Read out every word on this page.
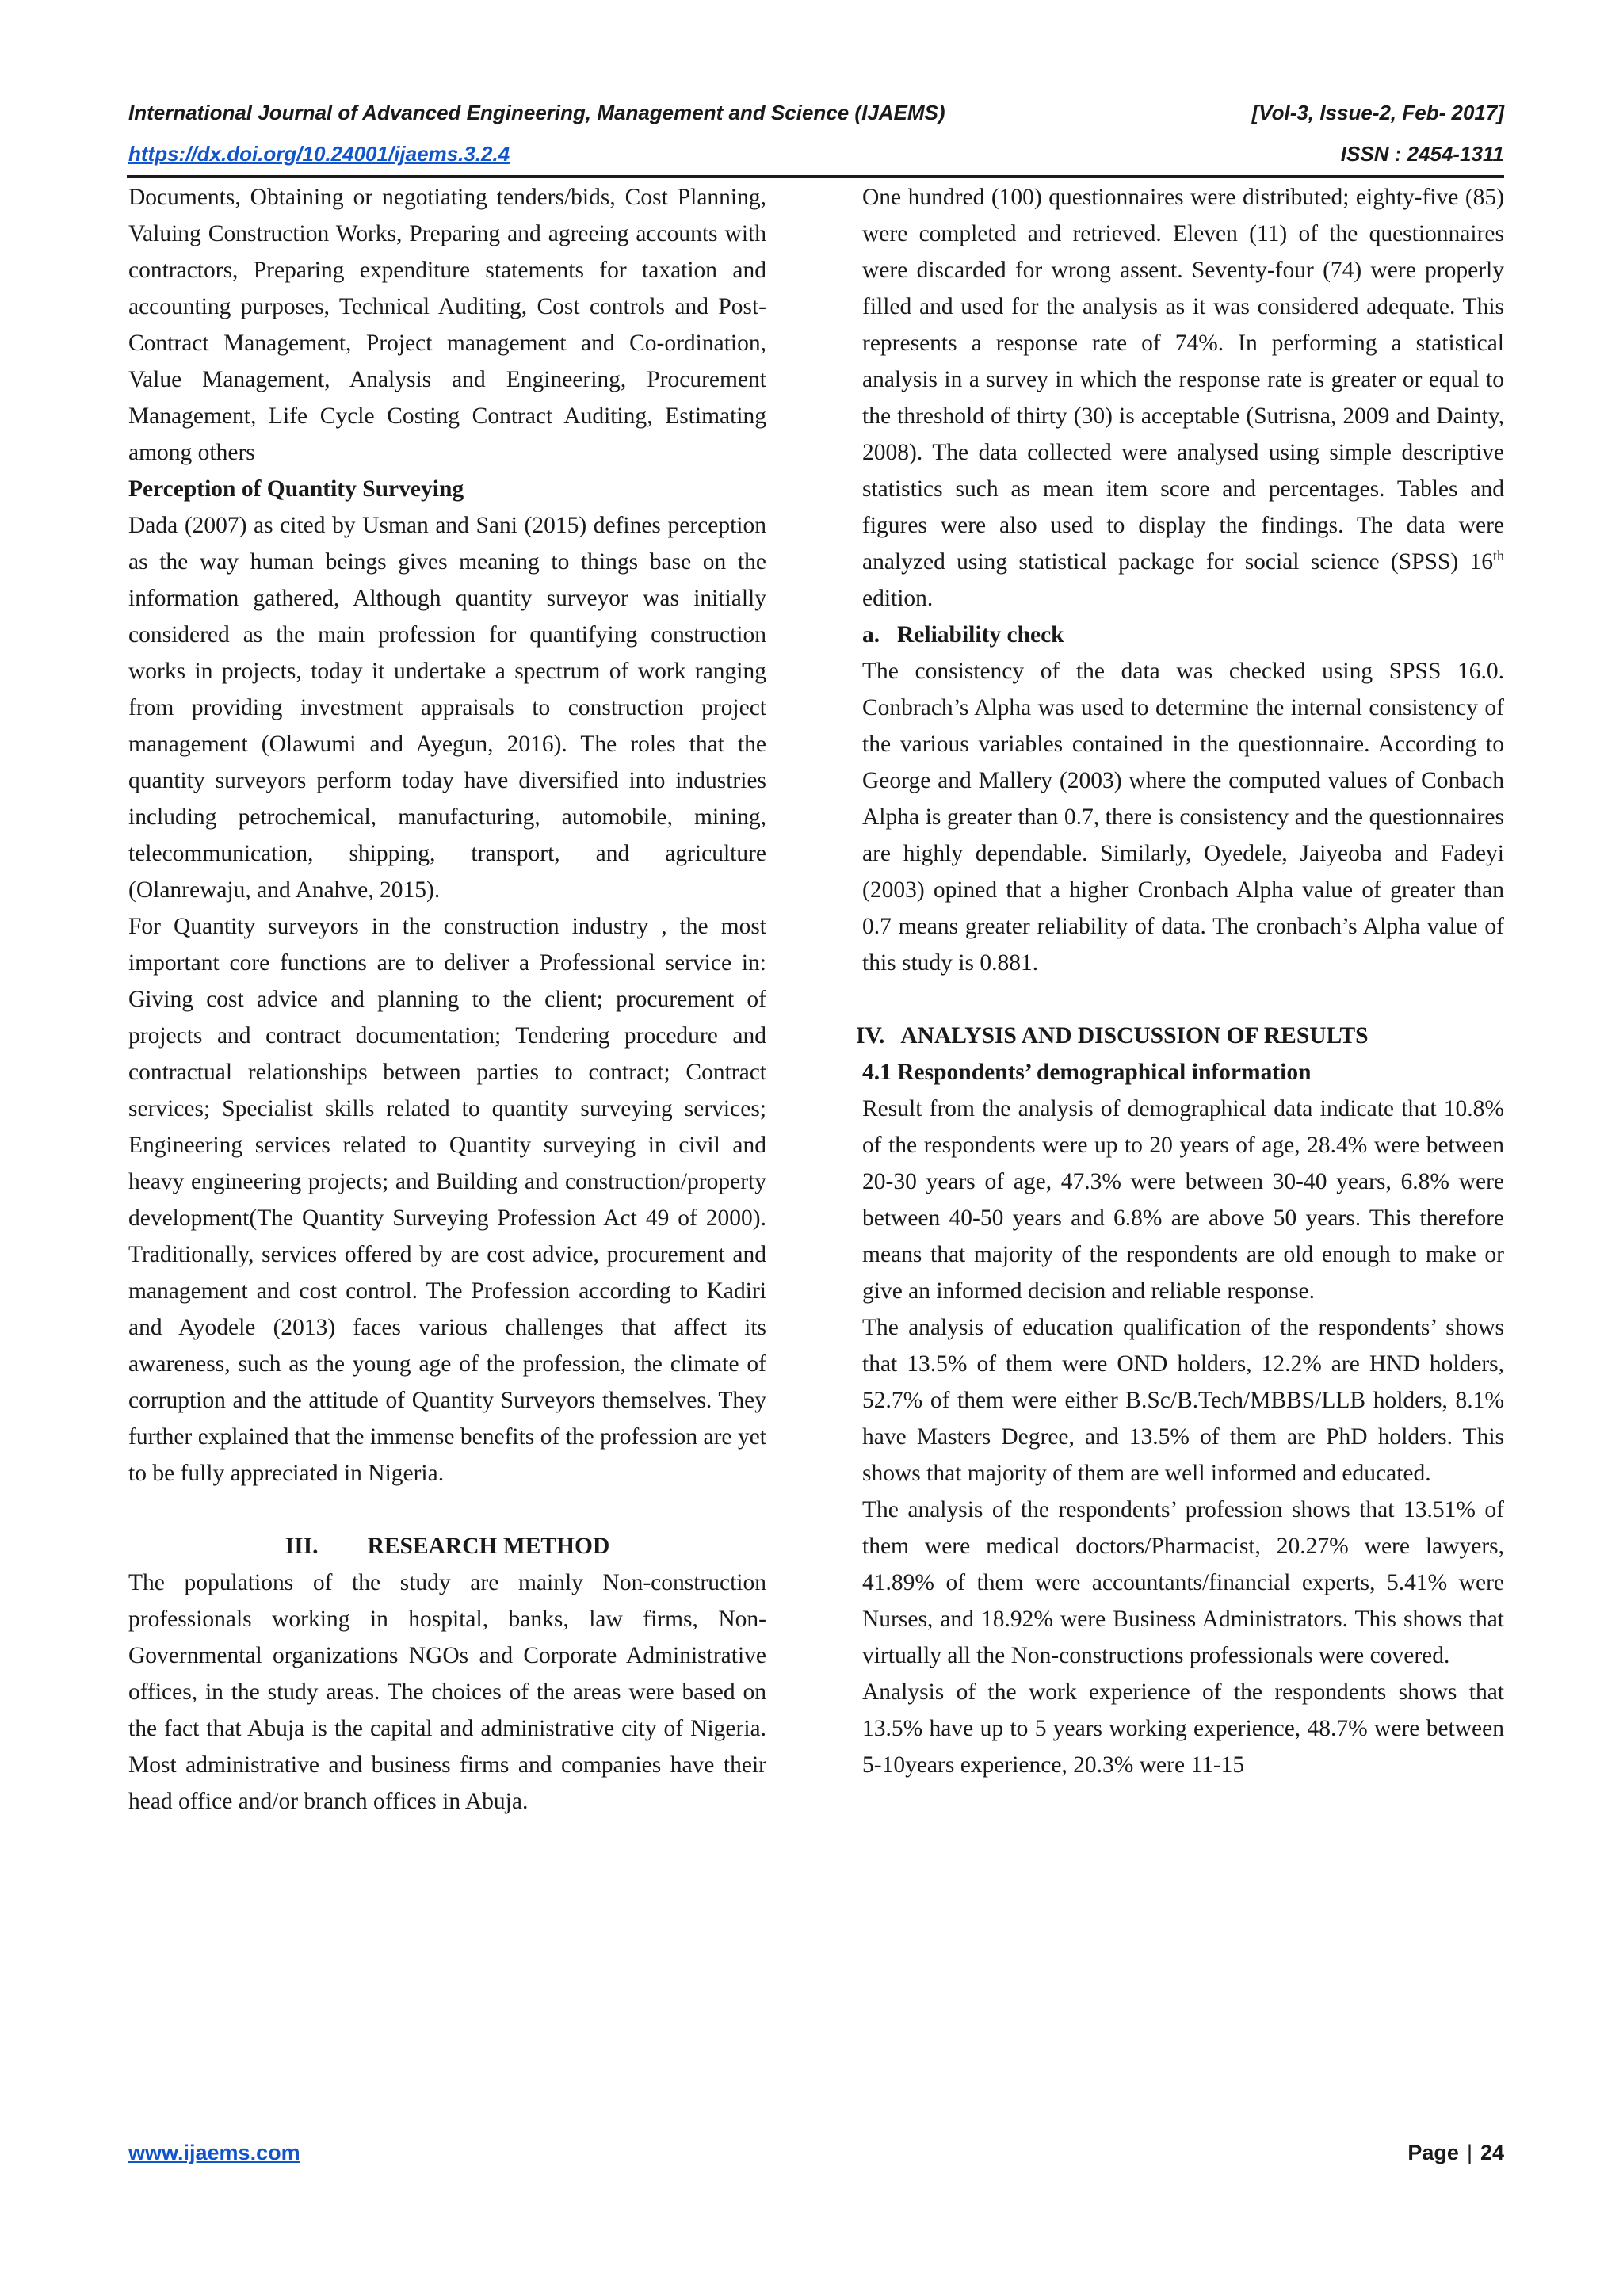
International Journal of Advanced Engineering, Management and Science (IJAEMS)	[Vol-3, Issue-2, Feb- 2017]
https://dx.doi.org/10.24001/ijaems.3.2.4	ISSN : 2454-1311

Documents, Obtaining or negotiating tenders/bids, Cost Planning, Valuing Construction Works, Preparing and agreeing accounts with contractors, Preparing expenditure statements for taxation and accounting purposes, Technical Auditing, Cost controls and Post-Contract Management, Project management and Co-ordination, Value Management, Analysis and Engineering, Procurement Management, Life Cycle Costing Contract Auditing, Estimating among others

Perception of Quantity Surveying

Dada (2007) as cited by Usman and Sani (2015) defines perception as the way human beings gives meaning to things base on the information gathered, Although quantity surveyor was initially considered as the main profession for quantifying construction works in projects, today it undertake a spectrum of work ranging from providing investment appraisals to construction project management (Olawumi and Ayegun, 2016). The roles that the quantity surveyors perform today have diversified into industries including petrochemical, manufacturing, automobile, mining, telecommunication, shipping, transport, and agriculture (Olanrewaju, and Anahve, 2015).

For Quantity surveyors in the construction industry , the most important core functions are to deliver a Professional service in: Giving cost advice and planning to the client; procurement of projects and contract documentation; Tendering procedure and contractual relationships between parties to contract; Contract services; Specialist skills related to quantity surveying services; Engineering services related to Quantity surveying in civil and heavy engineering projects; and Building and construction/property development(The Quantity Surveying Profession Act 49 of 2000). Traditionally, services offered by are cost advice, procurement and management and cost control. The Profession according to Kadiri and Ayodele (2013) faces various challenges that affect its awareness, such as the young age of the profession, the climate of corruption and the attitude of Quantity Surveyors themselves. They further explained that the immense benefits of the profession are yet to be fully appreciated in Nigeria.

III. RESEARCH METHOD

The populations of the study are mainly Non-construction professionals working in hospital, banks, law firms, Non-Governmental organizations NGOs and Corporate Administrative offices, in the study areas. The choices of the areas were based on the fact that Abuja is the capital and administrative city of Nigeria. Most administrative and business firms and companies have their head office and/or branch offices in Abuja.

One hundred (100) questionnaires were distributed; eighty-five (85) were completed and retrieved. Eleven (11) of the questionnaires were discarded for wrong assent. Seventy-four (74) were properly filled and used for the analysis as it was considered adequate. This represents a response rate of 74%. In performing a statistical analysis in a survey in which the response rate is greater or equal to the threshold of thirty (30) is acceptable (Sutrisna, 2009 and Dainty, 2008). The data collected were analysed using simple descriptive statistics such as mean item score and percentages. Tables and figures were also used to display the findings. The data were analyzed using statistical package for social science (SPSS) 16th edition.

a. Reliability check

The consistency of the data was checked using SPSS 16.0. Conbrach’s Alpha was used to determine the internal consistency of the various variables contained in the questionnaire. According to George and Mallery (2003) where the computed values of Conbach Alpha is greater than 0.7, there is consistency and the questionnaires are highly dependable. Similarly, Oyedele, Jaiyeoba and Fadeyi (2003) opined that a higher Cronbach Alpha value of greater than 0.7 means greater reliability of data. The cronbach’s Alpha value of this study is 0.881.

IV. ANALYSIS AND DISCUSSION OF RESULTS
4.1 Respondents’ demographical information

Result from the analysis of demographical data indicate that 10.8% of the respondents were up to 20 years of age, 28.4% were between 20-30 years of age, 47.3% were between 30-40 years, 6.8% were between 40-50 years and 6.8% are above 50 years. This therefore means that majority of the respondents are old enough to make or give an informed decision and reliable response.

The analysis of education qualification of the respondents’ shows that 13.5% of them were OND holders, 12.2% are HND holders, 52.7% of them were either B.Sc/B.Tech/MBBS/LLB holders, 8.1% have Masters Degree, and 13.5% of them are PhD holders. This shows that majority of them are well informed and educated.

The analysis of the respondents’ profession shows that 13.51% of them were medical doctors/Pharmacist, 20.27% were lawyers, 41.89% of them were accountants/financial experts, 5.41% were Nurses, and 18.92% were Business Administrators. This shows that virtually all the Non-constructions professionals were covered.

Analysis of the work experience of the respondents shows that 13.5% have up to 5 years working experience, 48.7% were between 5-10years experience, 20.3% were 11-15

www.ijaems.com	Page | 24
